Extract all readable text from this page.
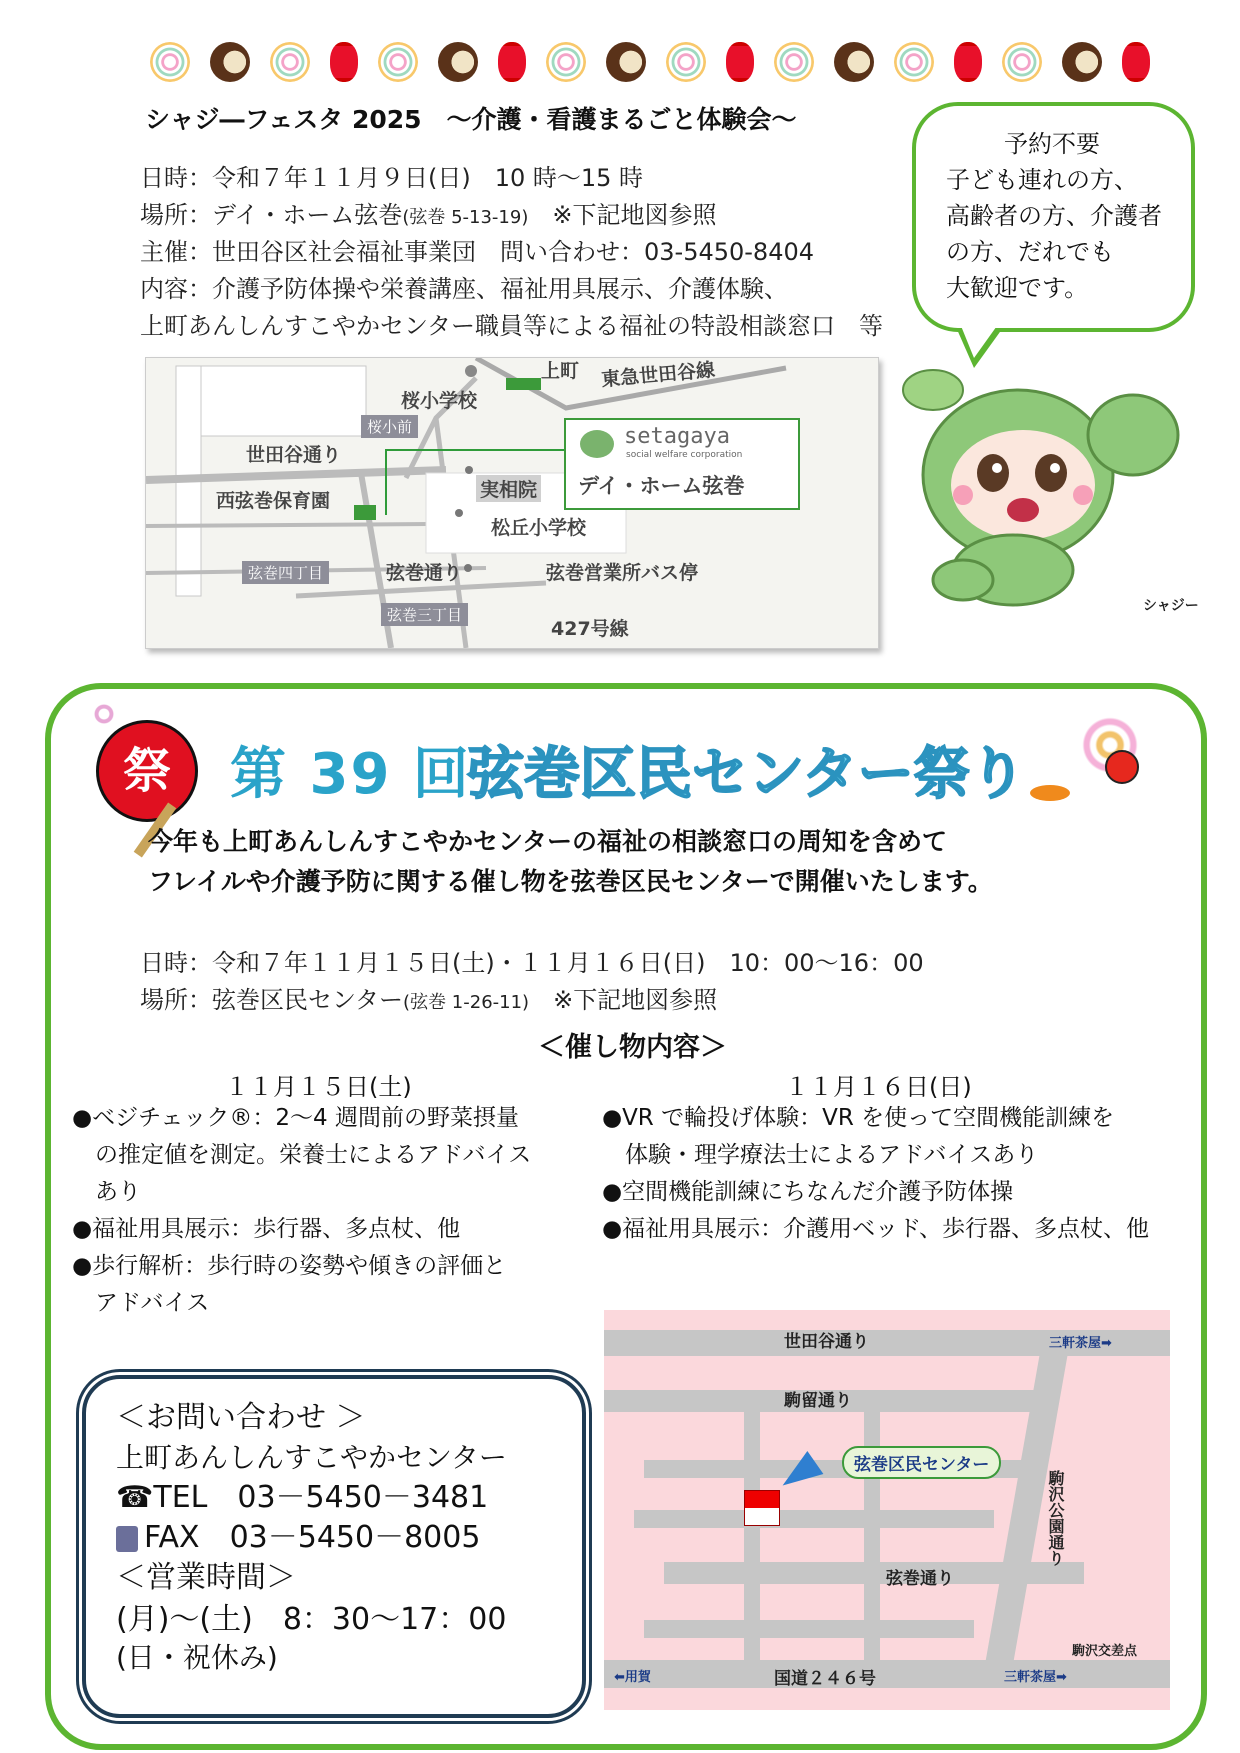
シャジ―フェスタ 2025　～介護・看護まるごと体験会～
日時：令和７年１１月９日(日)　10 時～15 時
場所：デイ・ホーム弦巻(弦巻 5-13-19)　 ※下記地図参照
主催：世田谷区社会福祉事業団　問い合わせ：03-5450-8404
内容：介護予防体操や栄養講座、福祉用具展示、介護体験、
上町あんしんすこやかセンター職員等による福祉の特設相談窓口　等
予約不要
子ども連れの方、
高齢者の方、介護者
の方、だれでも
大歓迎です。
上町 東急世田谷線
桜小学校
桜小前
世田谷通り
西弦巻保育園	実相院
setagaya
social welfare corporation
デイ・ホーム弦巻
松丘小学校
弦巻四丁目	弦巻通り	弦巻営業所バス停
弦巻三丁目
427号線
シャジー
祭	第 39 回
弦巻区民センター祭り
今年も上町あんしんすこやかセンターの福祉の相談窓口の周知を含めて
フレイルや介護予防に関する催し物を弦巻区民センターで開催いたします。
日時：令和７年１１月１５日(土)・１１月１６日(日)　10：00～16：00
場所：弦巻区民センター(弦巻 1-26-11)　 ※下記地図参照
＜催し物内容＞
１１月１５日(土)
●ベジチェック®：2～4 週間前の野菜摂量
　の推定値を測定。栄養士によるアドバイス
　あり
●福祉用具展示：歩行器、多点杖、他
●歩行解析：歩行時の姿勢や傾きの評価と
　アドバイス
１１月１６日(日)
●VR で輪投げ体験：VR を使って空間機能訓練を
　体験・理学療法士によるアドバイスあり
●空間機能訓練にちなんだ介護予防体操
●福祉用具展示：介護用ベッド、歩行器、多点杖、他
＜お問い合わせ ＞
上町あんしんすこやかセンター
☎TEL　03－5450－3481
FAX　03－5450－8005
＜営業時間＞
(月)～(土)　8：30～17：00
(日・祝休み)
世田谷通り	三軒茶屋➡
駒留通り
弦巻区民センター
駒沢公園通り
弦巻通り
⬅用賀	国道２４６号	三軒茶屋➡
駒沢交差点
